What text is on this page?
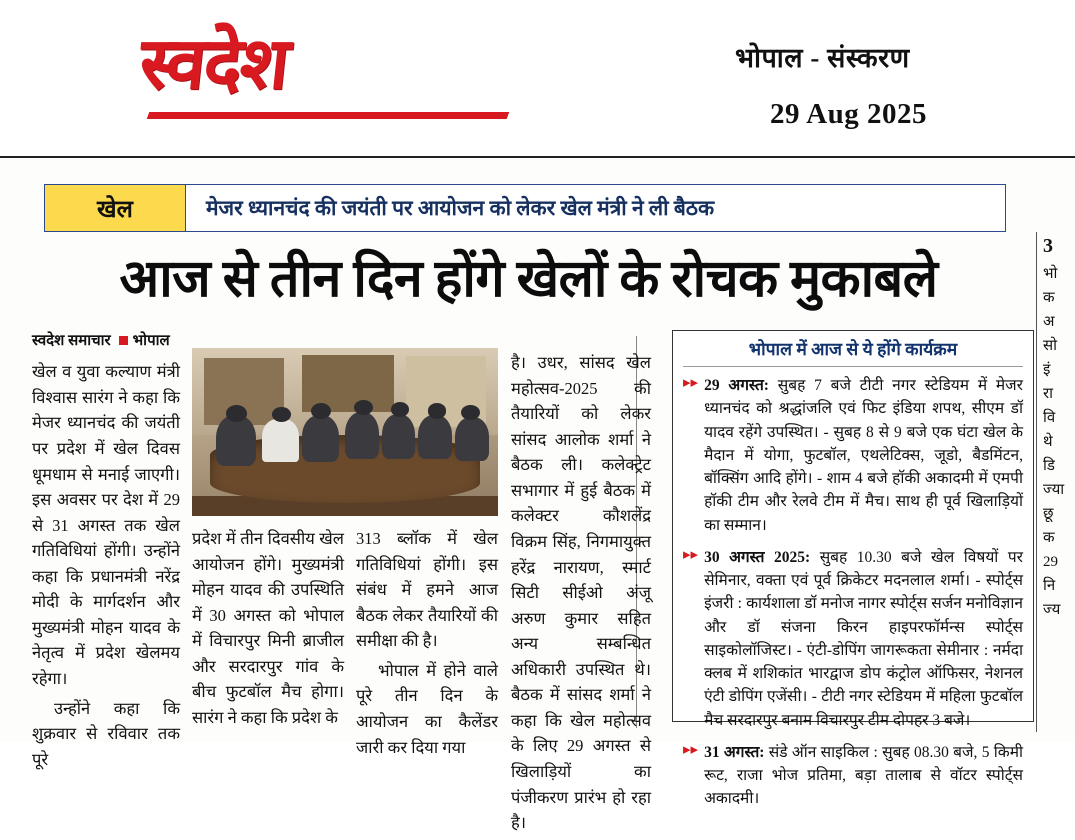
स्वदेश	भोपाल - संस्करण
29 Aug 2025
खेल	मेजर ध्यानचंद की जयंती पर आयोजन को लेकर खेल मंत्री ने ली बैठक
आज से तीन दिन होंगे खेलों के रोचक मुकाबले
स्वदेश समाचार भोपाल

खेल व युवा कल्याण मंत्री विश्वास सारंग ने कहा कि मेजर ध्यानचंद की जयंती पर प्रदेश में खेल दिवस धूमधाम से मनाई जाएगी। इस अवसर पर देश में 29 से 31 अगस्त तक खेल गतिविधियां होंगी। उन्होंने कहा कि प्रधानमंत्री नरेंद्र मोदी के मार्गदर्शन और मुख्यमंत्री मोहन यादव के नेतृत्व में प्रदेश खेलमय रहेगा।

उन्होंने कहा कि शुक्रवार से रविवार तक पूरे

प्रदेश में तीन दिवसीय खेल आयोजन होंगे। मुख्यमंत्री मोहन यादव की उपस्थिति में 30 अगस्त को भोपाल में विचारपुर मिनी ब्राजील और सरदारपुर गांव के बीच फुटबॉल मैच होगा। सारंग ने कहा कि प्रदेश के

313 ब्लॉक में खेल गतिविधियां होंगी। इस संबंध में हमने आज बैठक लेकर तैयारियों की समीक्षा की है।

भोपाल में होने वाले पूरे तीन दिन के आयोजन का कैलेंडर जारी कर दिया गया

है। उधर, सांसद खेल महोत्सव-2025 की तैयारियों को लेकर सांसद आलोक शर्मा ने बैठक ली। कलेक्ट्रेट सभागार में हुई बैठक में कलेक्टर कौशलेंद्र विक्रम सिंह, निगमायुक्त हरेंद्र नारायण, स्मार्ट सिटी सीईओ अंजू अरुण कुमार सहित अन्य सम्बन्धित अधिकारी उपस्थित थे। बैठक में सांसद शर्मा ने कहा कि खेल महोत्सव के लिए 29 अगस्त से खिलाड़ियों का पंजीकरण प्रारंभ हो रहा है।

भोपाल में आज से ये होंगे कार्यक्रम
▸▸ 29 अगस्त: सुबह 7 बजे टीटी नगर स्टेडियम में मेजर ध्यानचंद को श्रद्धांजलि एवं फिट इंडिया शपथ, सीएम डॉ यादव रहेंगे उपस्थित। - सुबह 8 से 9 बजे एक घंटा खेल के मैदान में योगा, फुटबॉल, एथलेटिक्स, जूडो, बैडमिंटन, बॉक्सिंग आदि होंगे। - शाम 4 बजे हॉकी अकादमी में एमपी हॉकी टीम और रेलवे टीम में मैच। साथ ही पूर्व खिलाड़ियों का सम्मान।
▸▸ 30 अगस्त 2025: सुबह 10.30 बजे खेल विषयों पर सेमिनार, वक्ता एवं पूर्व क्रिकेटर मदनलाल शर्मा। - स्पोर्ट्स इंजरी : कार्यशाला डॉ मनोज नागर स्पोर्ट्स सर्जन मनोविज्ञान और डॉ संजना किरन हाइपरफॉर्मन्स स्पोर्ट्स साइकोलॉजिस्ट। - एंटी-डोपिंग जागरूकता सेमीनार : नर्मदा क्लब में शशिकांत भारद्वाज डोप कंट्रोल ऑफिसर, नेशनल एंटी डोपिंग एजेंसी। - टीटी नगर स्टेडियम में महिला फुटबॉल मैच सरदारपुर बनाम विचारपुर टीम दोपहर 3 बजे।
▸▸ 31 अगस्त: संडे ऑन साइकिल : सुबह 08.30 बजे, 5 किमी रूट, राजा भोज प्रतिमा, बड़ा तालाब से वॉटर स्पोर्ट्स अकादमी।
3
भो
क
अ
सो
इं
रा
वि
थे
डि
ज्या
छू
क
29
नि
ज्य
